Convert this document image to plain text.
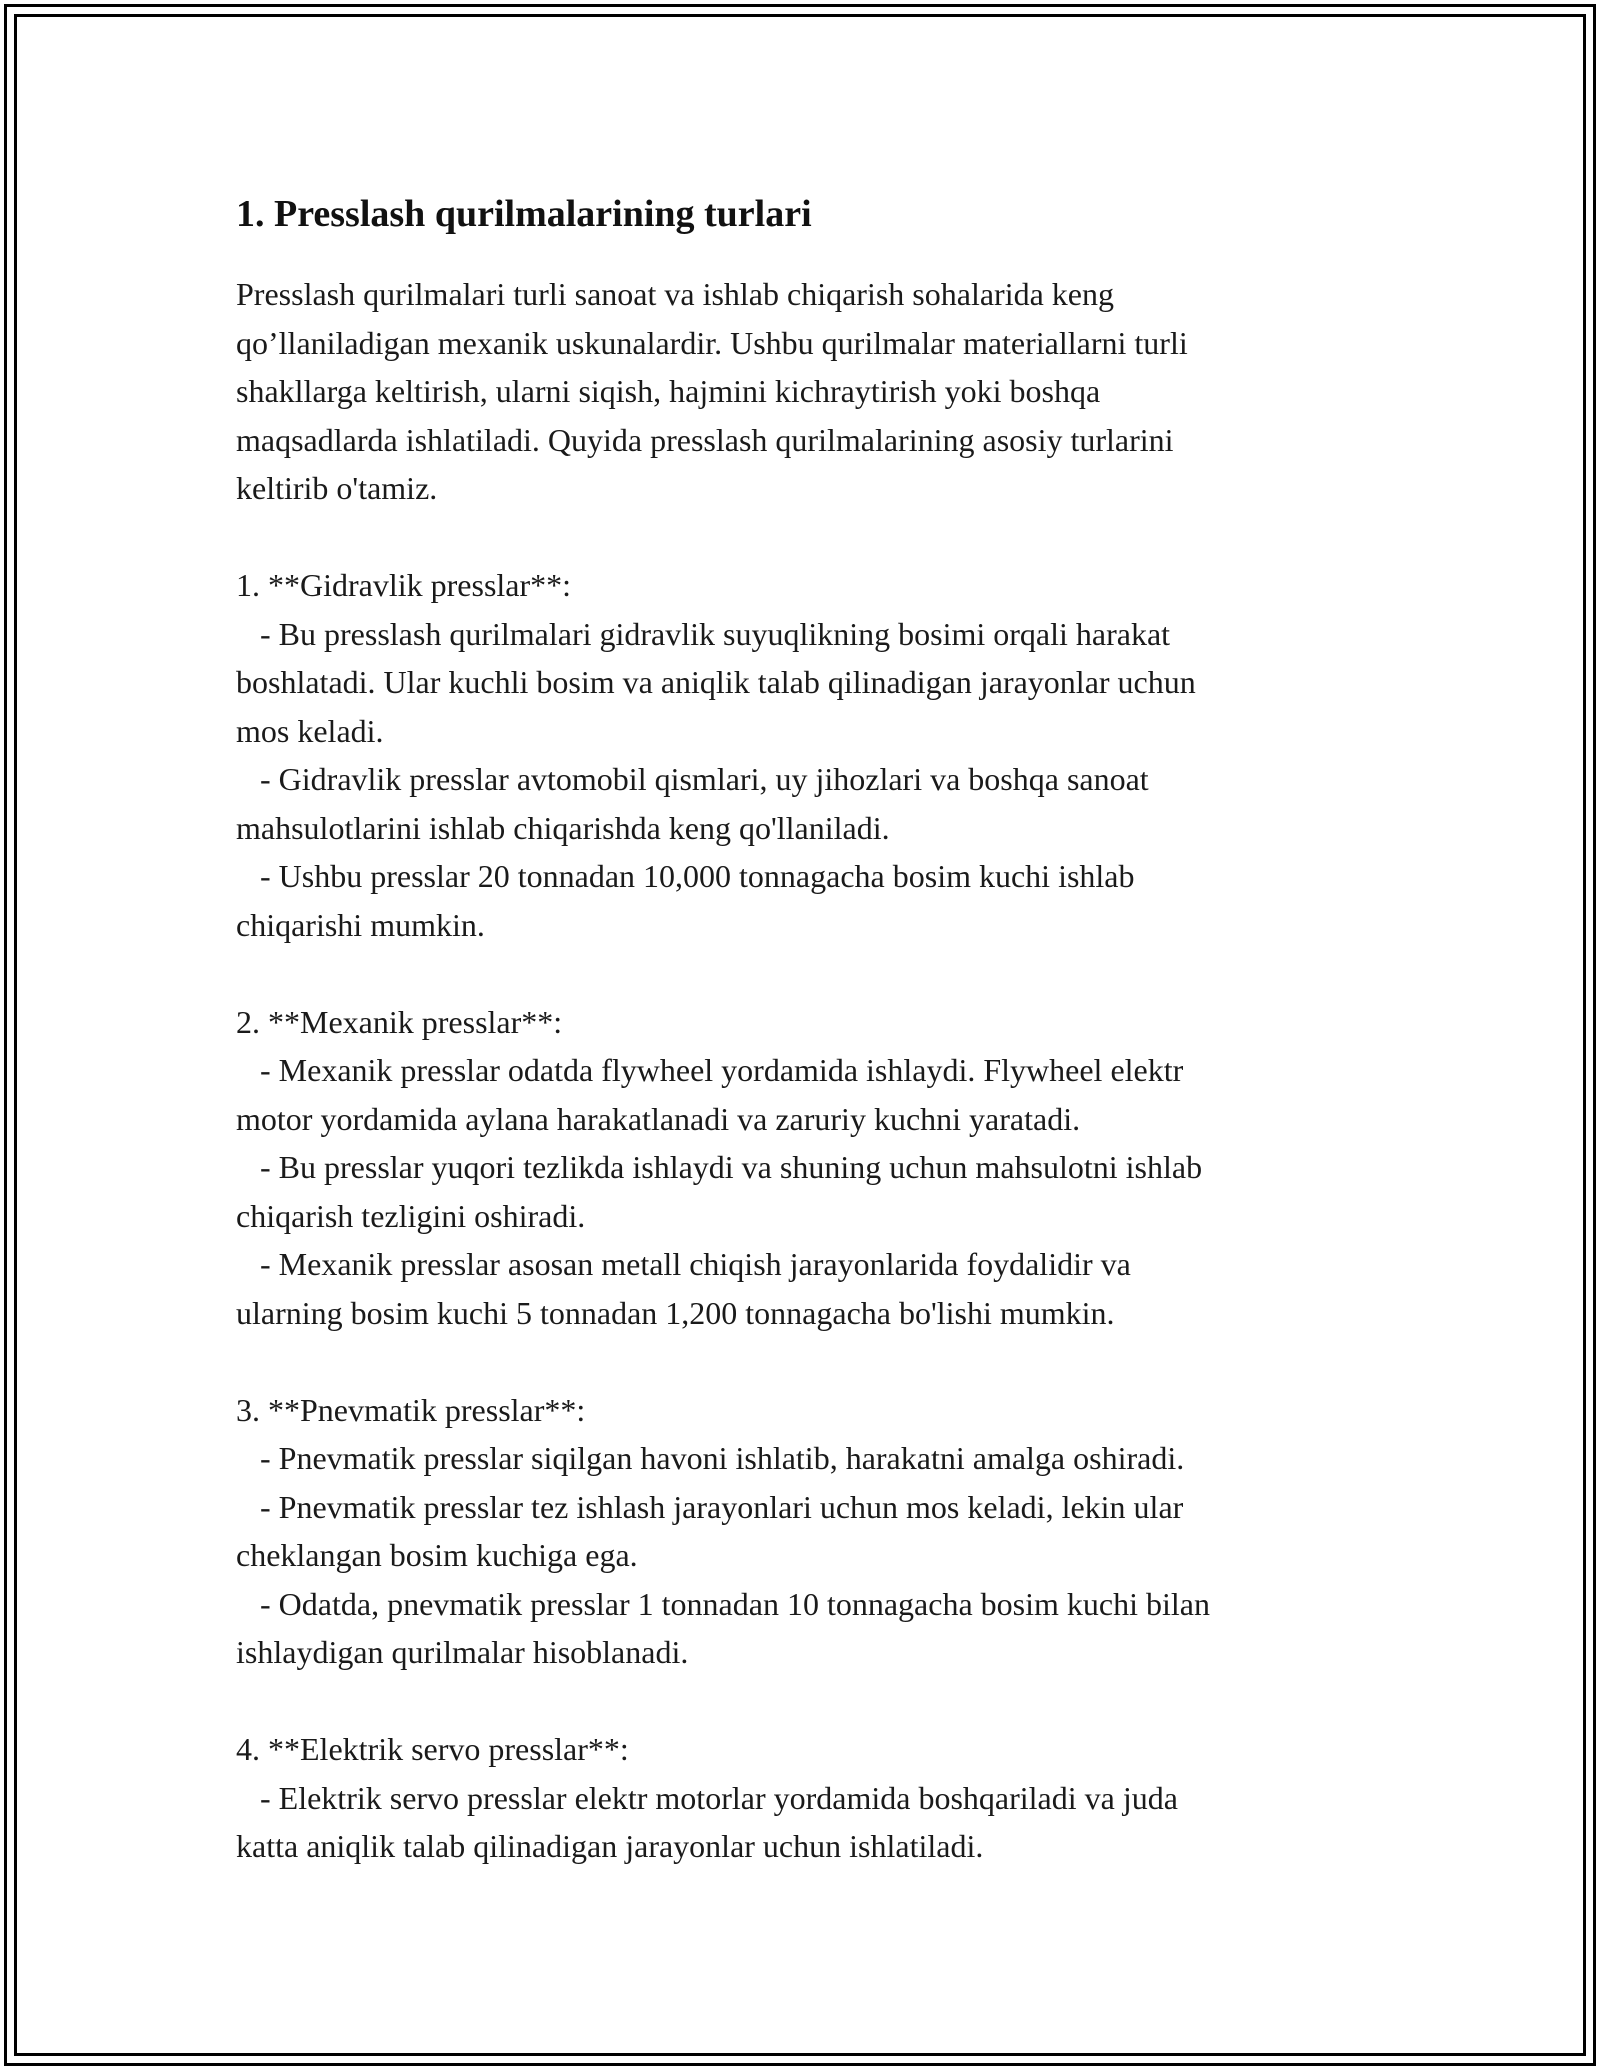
1. Presslash qurilmalarining turlari

Presslash qurilmalari turli sanoat va ishlab chiqarish sohalarida keng
qo’llaniladigan mexanik uskunalardir. Ushbu qurilmalar materiallarni turli
shakllarga keltirish, ularni siqish, hajmini kichraytirish yoki boshqa
maqsadlarda ishlatiladi. Quyida presslash qurilmalarining asosiy turlarini
keltirib o'tamiz.

1. **Gidravlik presslar**:

- Bu presslash qurilmalari gidravlik suyuqlikning bosimi orqali harakat
boshlatadi. Ular kuchli bosim va aniqlik talab qilinadigan jarayonlar uchun
mos keladi.

- Gidravlik presslar avtomobil qismlari, uy jihozlari va boshqa sanoat
mahsulotlarini ishlab chiqarishda keng qo'llaniladi.

- Ushbu presslar 20 tonnadan 10,000 tonnagacha bosim kuchi ishlab
chiqarishi mumkin.

2. **Mexanik presslar**:

- Mexanik presslar odatda flywheel yordamida ishlaydi. Flywheel elektr
motor yordamida aylana harakatlanadi va zaruriy kuchni yaratadi.

- Bu presslar yuqori tezlikda ishlaydi va shuning uchun mahsulotni ishlab
chiqarish tezligini oshiradi.

- Mexanik presslar asosan metall chiqish jarayonlarida foydalidir va
ularning bosim kuchi 5 tonnadan 1,200 tonnagacha bo'lishi mumkin.

3. **Pnevmatik presslar**:

- Pnevmatik presslar siqilgan havoni ishlatib, harakatni amalga oshiradi.

- Pnevmatik presslar tez ishlash jarayonlari uchun mos keladi, lekin ular
cheklangan bosim kuchiga ega.

- Odatda, pnevmatik presslar 1 tonnadan 10 tonnagacha bosim kuchi bilan
ishlaydigan qurilmalar hisoblanadi.

4. **Elektrik servo presslar**:

- Elektrik servo presslar elektr motorlar yordamida boshqariladi va juda
katta aniqlik talab qilinadigan jarayonlar uchun ishlatiladi.
